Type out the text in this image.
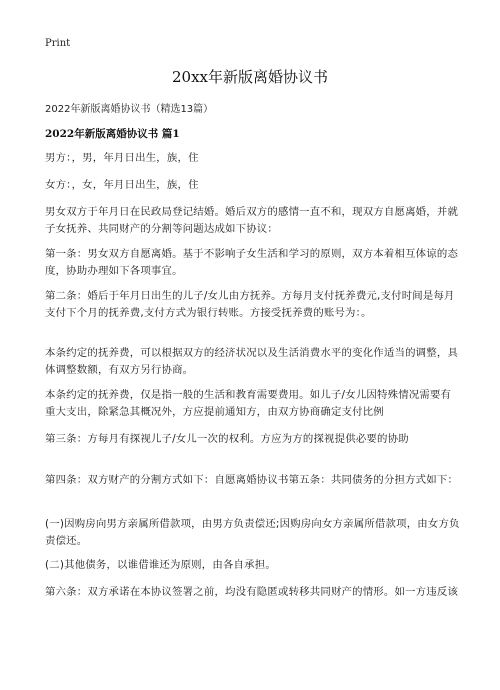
Print
20xx年新版离婚协议书
2022年新版离婚协议书（精选13篇）
2022年新版离婚协议书 篇1

男方：，男，年月日出生，族，住

女方：，女，年月日出生，族，住

男女双方于年月日在民政局登记结婚。婚后双方的感情一直不和，现双方自愿离婚，并就子女抚养、共同财产的分割等问题达成如下协议：

第一条：男女双方自愿离婚。基于不影响子女生活和学习的原则，双方本着相互体谅的态度，协助办理如下各项事宜。

第二条：婚后于年月日出生的儿子/女儿由方抚养。方每月支付抚养费元,支付时间是每月支付下个月的抚养费,支付方式为银行转账。方接受抚养费的账号为：。

本条约定的抚养费，可以根据双方的经济状况以及生活消费水平的变化作适当的调整，具体调整数额，有双方另行协商。

本条约定的抚养费，仅是指一般的生活和教育需要费用。如儿子/女儿因特殊情况需要有重大支出，除紧急其概况外，方应提前通知方，由双方协商确定支付比例

第三条：方每月有探视儿子/女儿一次的权利。方应为方的探视提供必要的协助

第四条：双方财产的分割方式如下：自愿离婚协议书第五条：共同债务的分担方式如下：

(一)因购房向男方亲属所借款项，由男方负责偿还;因购房向女方亲属所借款项，由女方负责偿还。

(二)其他债务，以谁借谁还为原则，由各自承担。

第六条：双方承诺在本协议签署之前，均没有隐匿或转移共同财产的情形。如一方违反该
